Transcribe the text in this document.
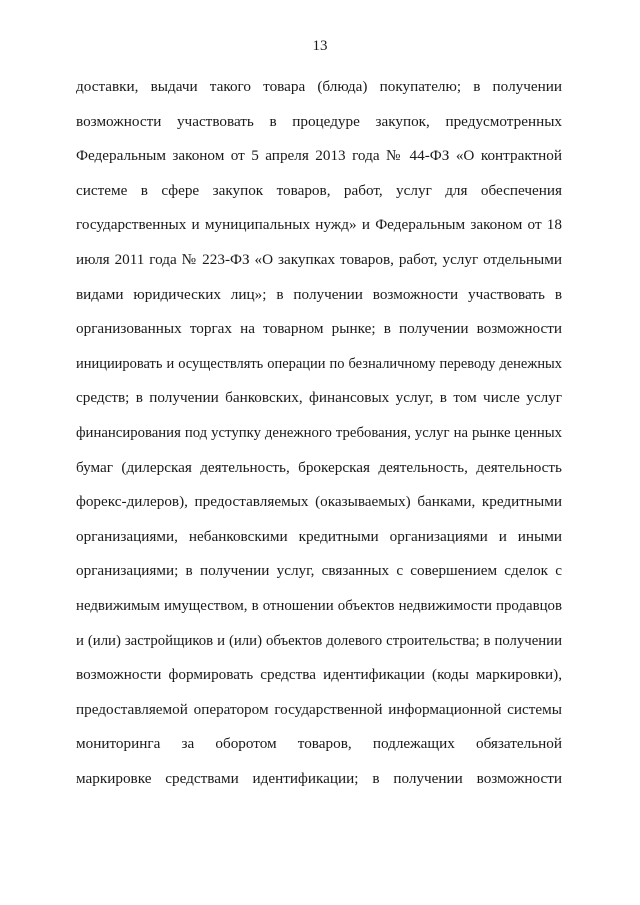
13
доставки, выдачи такого товара (блюда) покупателю; в получении
возможности участвовать в процедуре закупок, предусмотренных
Федеральным законом от 5 апреля 2013 года № 44-ФЗ «О контрактной
системе в сфере закупок товаров, работ, услуг для обеспечения
государственных и муниципальных нужд» и Федеральным законом от 18
июля 2011 года № 223-ФЗ «О закупках товаров, работ, услуг отдельными
видами юридических лиц»; в получении возможности участвовать в
организованных торгах на товарном рынке; в получении возможности
инициировать и осуществлять операции по безналичному переводу денежных
средств; в получении банковских, финансовых услуг, в том числе услуг
финансирования под уступку денежного требования, услуг на рынке ценных
бумаг (дилерская деятельность, брокерская деятельность, деятельность
форекс-дилеров), предоставляемых (оказываемых) банками, кредитными
организациями, небанковскими кредитными организациями и иными
организациями; в получении услуг, связанных с совершением сделок с
недвижимым имуществом, в отношении объектов недвижимости продавцов
и (или) застройщиков и (или) объектов долевого строительства; в получении
возможности формировать средства идентификации (коды маркировки),
предоставляемой оператором государственной информационной системы
мониторинга за оборотом товаров, подлежащих обязательной
маркировке средствами идентификации; в получении возможности
